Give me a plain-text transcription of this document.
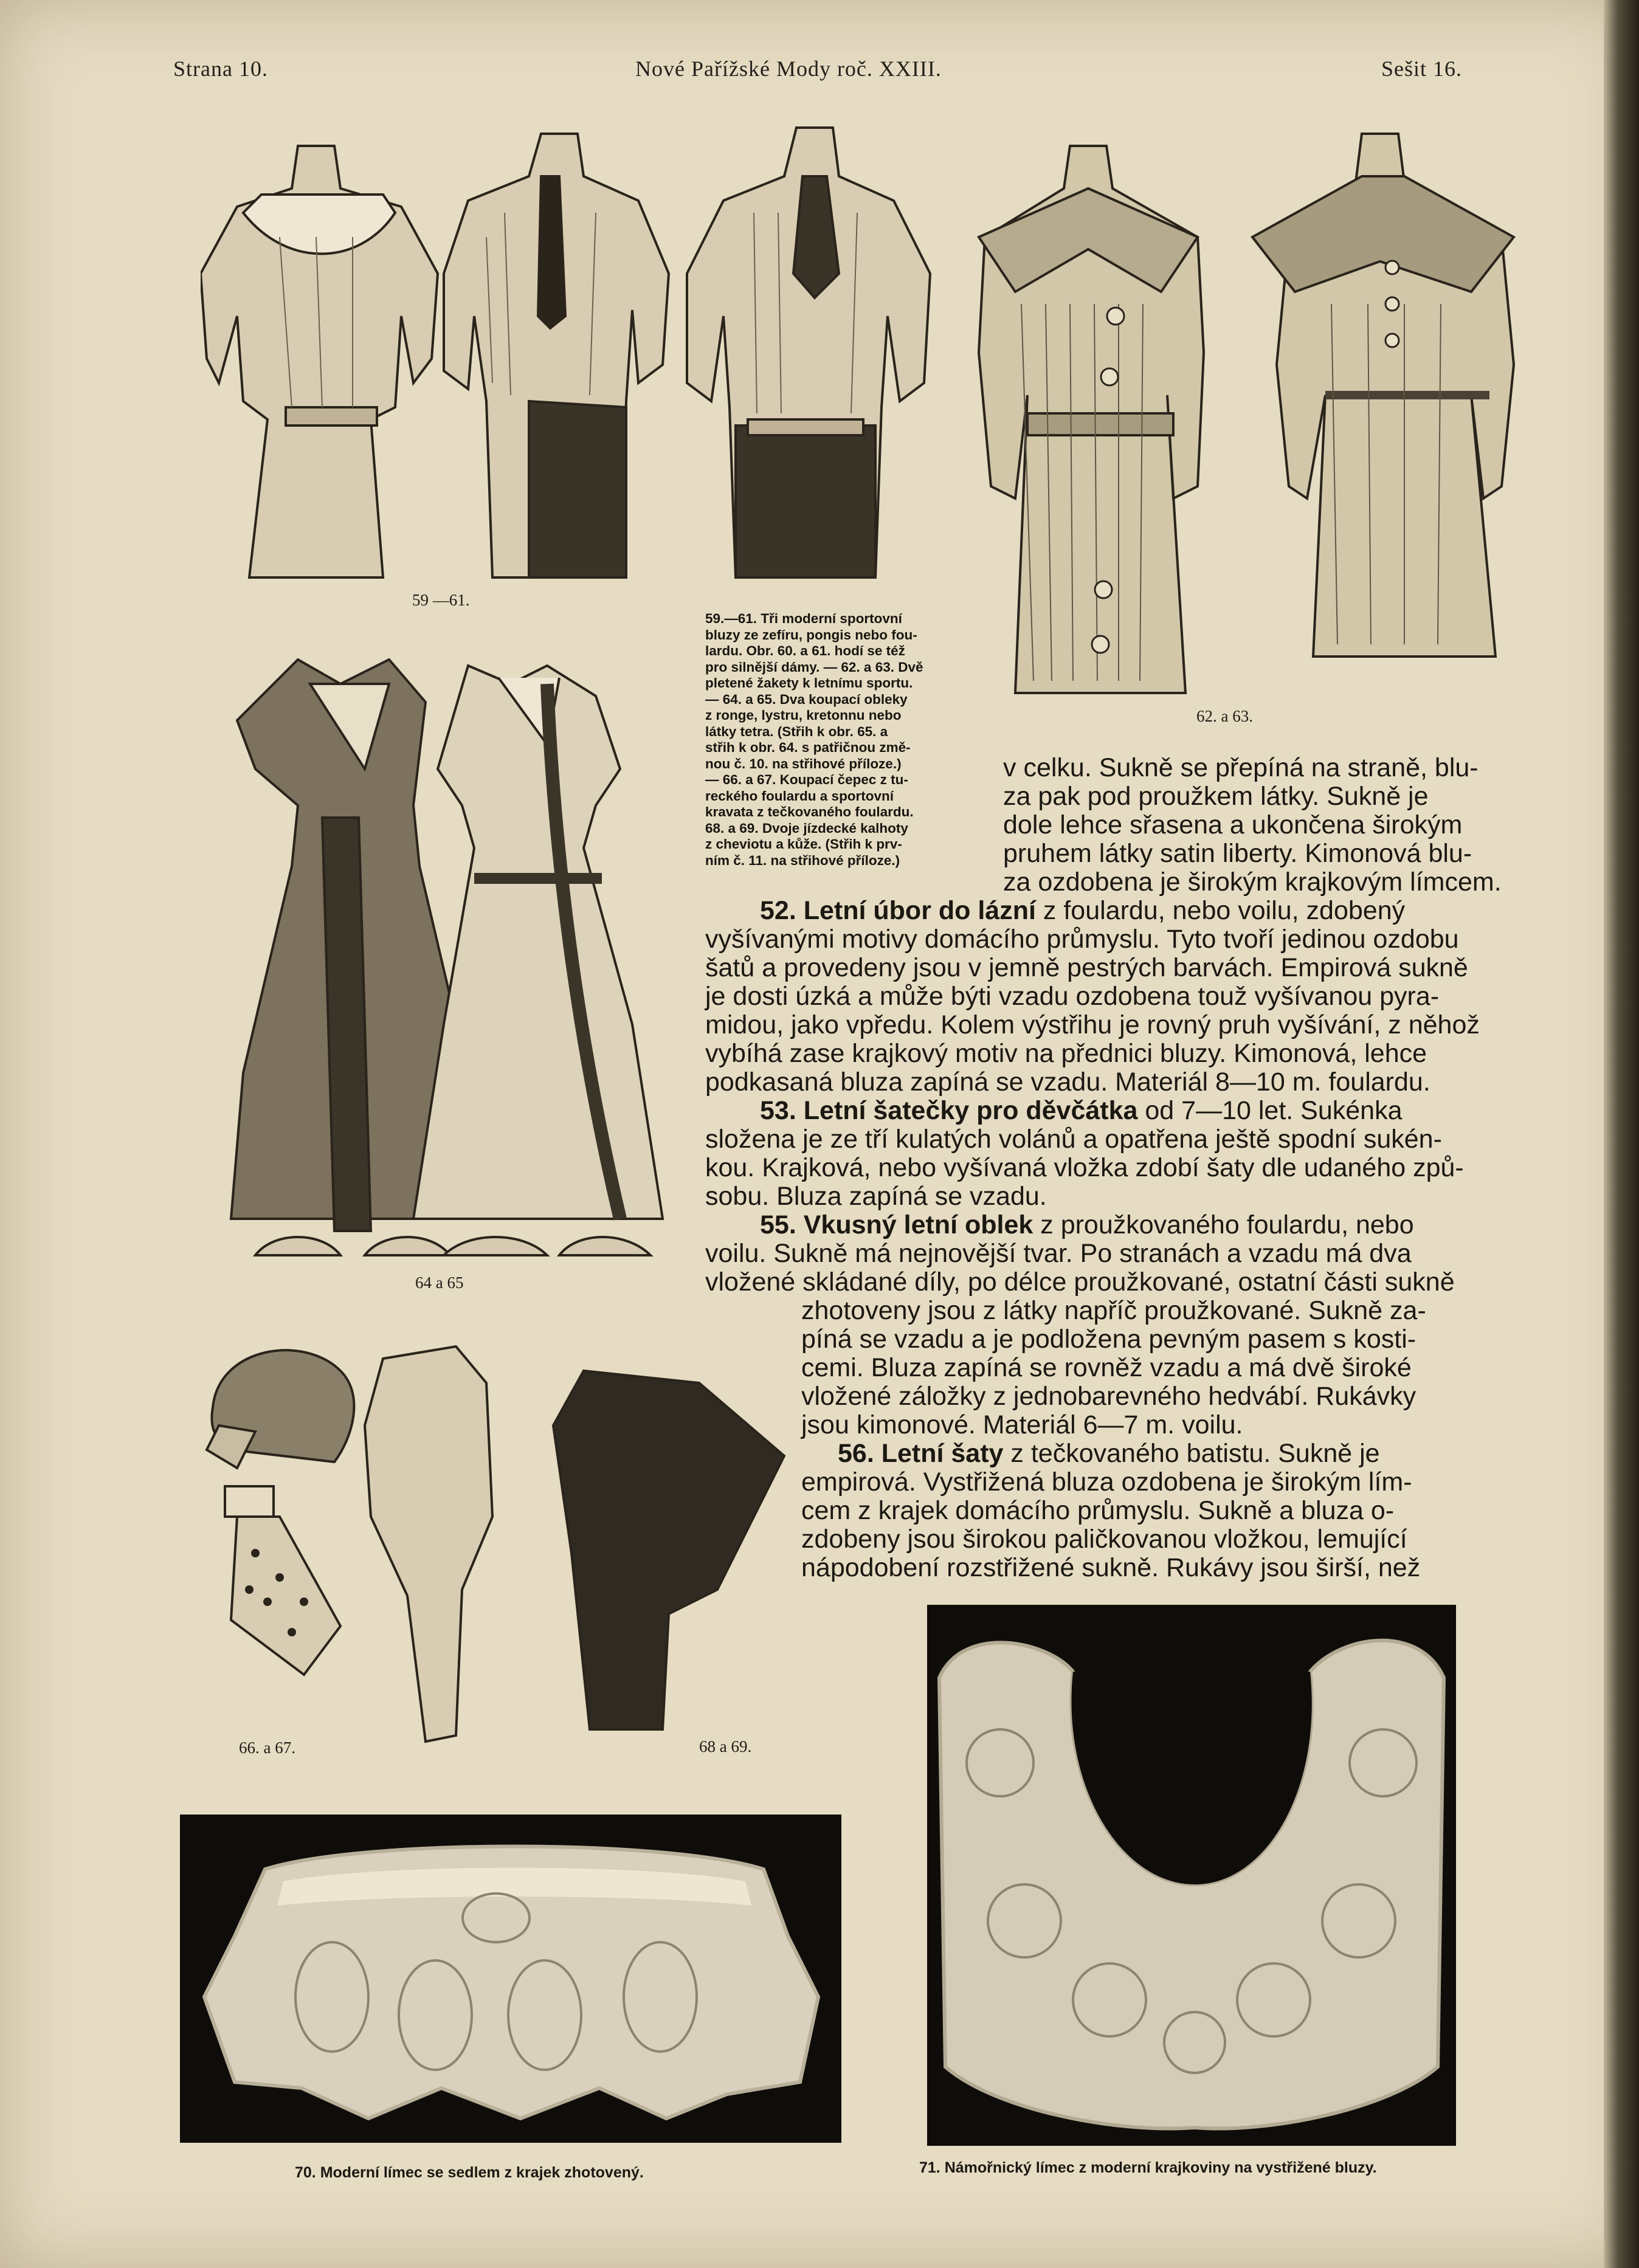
Strana 10.	Nové Pařížské Mody roč. XXIII.	Sešit 16.
59 —61.
62. a 63.

59.—61. Tři moderní sportovní

bluzy ze zefíru, pongis nebo fou-

lardu. Obr. 60. a 61. hodí se též

pro silnější dámy. — 62. a 63. Dvě

pletené žakety k letnímu sportu.

— 64. a 65. Dva koupací obleky

z ronge, lystru, kretonnu nebo

látky tetra. (Střih k obr. 65. a

střih k obr. 64. s patřičnou změ-

nou č. 10. na střihové příloze.)

— 66. a 67. Koupací čepec z tu-

reckého foulardu a sportovní

kravata z tečkovaného foulardu.

68. a 69. Dvoje jízdecké kalhoty

z cheviotu a kůže. (Střih k prv-

ním č. 11. na střihové příloze.)

64 a 65
66. a 67.	68 a 69.
v celku. Sukně se přepíná na straně, blu-
za pak pod proužkem látky. Sukně je
dole lehce sřasena a ukončena širokým
pruhem látky satin liberty. Kimonová blu-
za ozdobena je širokým krajkovým límcem.
52. Letní úbor do lázní z foulardu, nebo voilu, zdobený
vyšívanými motivy domácího průmyslu. Tyto tvoří jedinou ozdobu
šatů a provedeny jsou v jemně pestrých barvách. Empirová sukně
je dosti úzká a může býti vzadu ozdobena touž vyšívanou pyra-
midou, jako vpředu. Kolem výstřihu je rovný pruh vyšívání, z něhož
vybíhá zase krajkový motiv na přednici bluzy. Kimonová, lehce
podkasaná bluza zapíná se vzadu. Materiál 8—10 m. foulardu.
53. Letní šatečky pro děvčátka od 7—10 let. Sukénka
složena je ze tří kulatých volánů a opatřena ještě spodní sukén-
kou. Krajková, nebo vyšívaná vložka zdobí šaty dle udaného způ-
sobu. Bluza zapíná se vzadu.
55. Vkusný letní oblek z proužkovaného foulardu, nebo
voilu. Sukně má nejnovější tvar. Po stranách a vzadu má dva
vložené skládané díly, po délce proužkované, ostatní části sukně
zhotoveny jsou z látky napříč proužkované. Sukně za-
píná se vzadu a je podložena pevným pasem s kosti-
cemi. Bluza zapíná se rovněž vzadu a má dvě široké
vložené záložky z jednobarevného hedvábí. Rukávky
jsou kimonové. Materiál 6—7 m. voilu.
56. Letní šaty z tečkovaného batistu. Sukně je
empirová. Vystřižená bluza ozdobena je širokým lím-
cem z krajek domácího průmyslu. Sukně a bluza o-
zdobeny jsou širokou paličkovanou vložkou, lemující
nápodobení rozstřižené sukně. Rukávy jsou širší, než
70. Moderní límec se sedlem z krajek zhotovený.	71. Námořnický límec z moderní krajkoviny na vystřižené bluzy.
